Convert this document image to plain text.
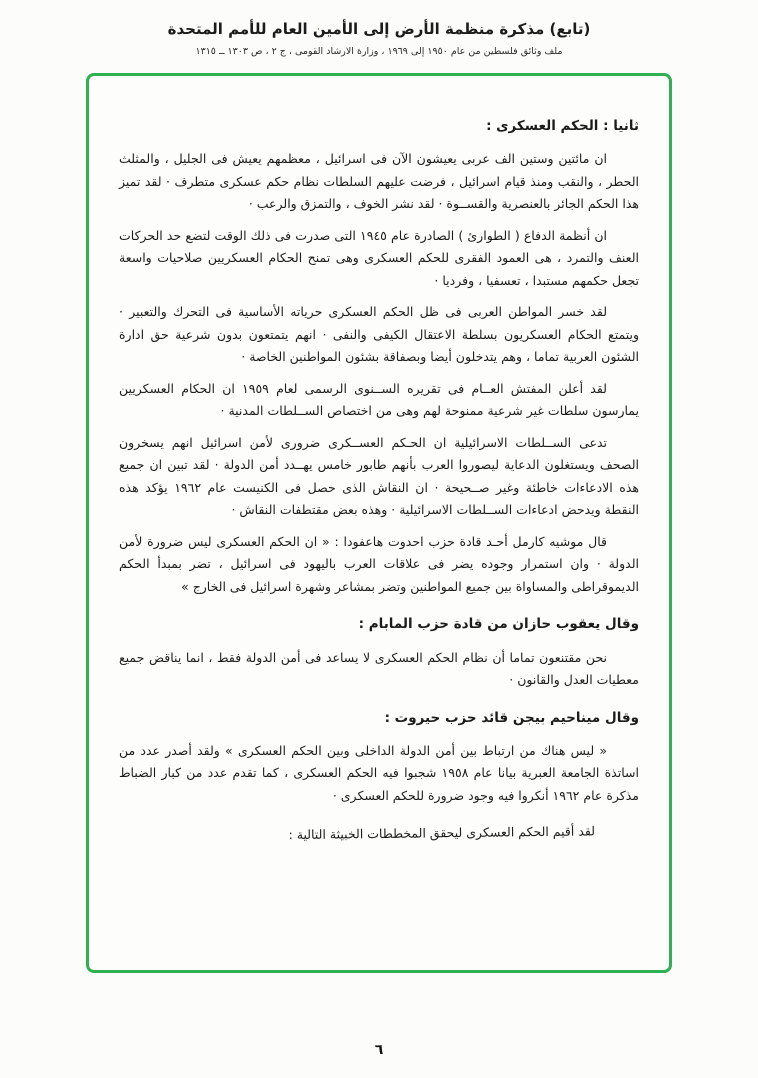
(تابع) مذكرة منظمة الأرض إلى الأمين العام للأمم المتحدة
ملف وثائق فلسطين من عام ١٩٥٠ إلى ١٩٦٩ ، وزارة الارشاد القومى ، ج ٢ ، ص ١٣٠٣ ــ ١٣١٥
ثانيا : الحكم العسكرى :
ان مائتين وستين الف عربى يعيشون الآن فى اسرائيل ، معظمهم يعيش فى الجليل ، والمثلث الحطر ، والنقب ومنذ قيام اسرائيل ، فرضت عليهم السلطات نظام حكم عسكرى متطرف · لقد تميز هذا الحكم الجائر بالعنصرية والقســوة · لقد نشر الخوف ، والتمزق والرعب ·
ان أنظمة الدفاع ( الطوارئ ) الصادرة عام ١٩٤٥ التى صدرت فى ذلك الوقت لتضع حد الحركات العنف والتمرد ، هى العمود الفقرى للحكم العسكرى وهى تمنح الحكام العسكريين صلاحيات واسعة تجعل حكمهم مستبدا ، تعسفيا ، وفرديا ·
لقد خسر المواطن العربى فى ظل الحكم العسكرى حرياته الأساسية فى التحرك والتعبير · ويتمتع الحكام العسكريون بسلطة الاعتقال الكيفى والنفى · انهم يتمتعون بدون شرعية حق ادارة الشئون العربية تماما ، وهم يتدخلون أيضا وبصفاقة بشئون المواطنين الخاصة ·
لقد أعلن المفتش العــام فى تقريره الســنوى الرسمى لعام ١٩٥٩ ان الحكام العسكريين يمارسون سلطات غير شرعية ممنوحة لهم وهى من اختصاص الســلطات المدنية ·
تدعى الســلطات الاسرائيلية ان الحـكم العســكرى ضرورى لأمن اسرائيل انهم يسخرون الصحف ويستغلون الدعاية ليصوروا العرب بأنهم طابور خامس يهــدد أمن الدولة · لقد تبين ان جميع هذه الادعاءات خاطئة وغير صــحيحة · ان النقاش الذى حصل فى الكنيست عام ١٩٦٢ يؤكد هذه النقطة ويدحض ادعاءات الســلطات الاسرائيلية · وهذه بعض مقتطفات النقاش ·
قال موشيه كارمل أحـد قادة حزب احدوت هاعفودا : « ان الحكم العسكرى ليس ضرورة لأمن الدولة · وان استمرار وجوده يضر فى علاقات العرب باليهود فى اسرائيل ، تضر بمبدأ الحكم الديموقراطى والمساواة بين جميع المواطنين وتضر بمشاعر وشهرة اسرائيل فى الخارج »
وقال يعقوب حازان من قادة حزب المابام :
نحن مقتنعون تماما أن نظام الحكم العسكرى لا يساعد فى أمن الدولة فقط ، انما يناقض جميع معطيات العدل والقانون ·
وقال ميناحيم بيجن قائد حزب حيروت :
« ليس هناك من ارتباط بين أمن الدولة الداخلى وبين الحكم العسكرى » ولقد أصدر عدد من اساتذة الجامعة العبرية بيانا عام ١٩٥٨ شجبوا فيه الحكم العسكرى ، كما تقدم عدد من كبار الضباط مذكرة عام ١٩٦٢ أنكروا فيه وجود ضرورة للحكم العسكرى ·
لقد أقيم الحكم العسكرى ليحقق المخططات الخبيثة التالية :
٦
